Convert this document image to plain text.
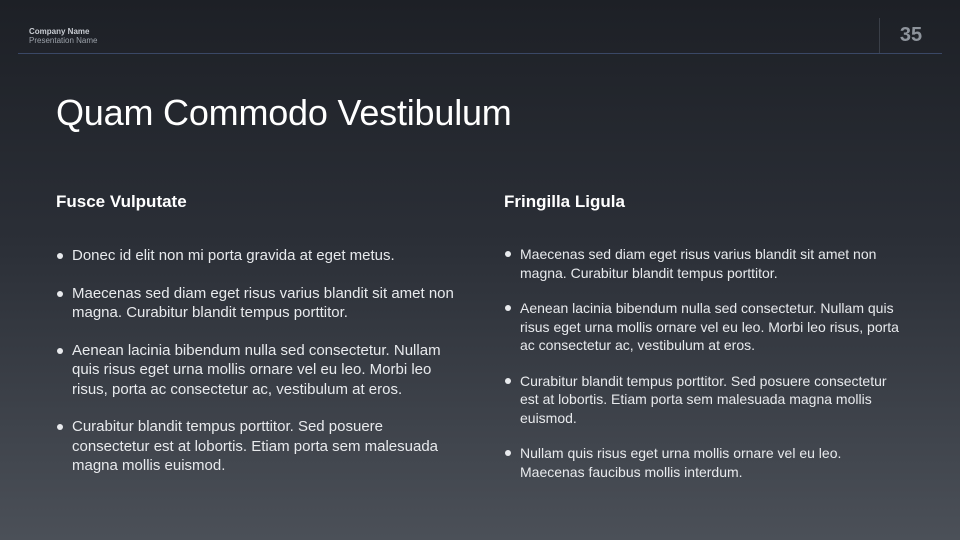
Company Name
Presentation Name	35
Quam Commodo Vestibulum
Fusce Vulputate
Donec id elit non mi porta gravida at eget metus.
Maecenas sed diam eget risus varius blandit sit amet non magna. Curabitur blandit tempus porttitor.
Aenean lacinia bibendum nulla sed consectetur. Nullam quis risus eget urna mollis ornare vel eu leo. Morbi leo risus, porta ac consectetur ac, vestibulum at eros.
Curabitur blandit tempus porttitor. Sed posuere consectetur est at lobortis. Etiam porta sem malesuada magna mollis euismod.
Fringilla Ligula
Maecenas sed diam eget risus varius blandit sit amet non magna. Curabitur blandit tempus porttitor.
Aenean lacinia bibendum nulla sed consectetur. Nullam quis risus eget urna mollis ornare vel eu leo. Morbi leo risus, porta ac consectetur ac, vestibulum at eros.
Curabitur blandit tempus porttitor. Sed posuere consectetur est at lobortis. Etiam porta sem malesuada magna mollis euismod.
Nullam quis risus eget urna mollis ornare vel eu leo. Maecenas faucibus mollis interdum.
